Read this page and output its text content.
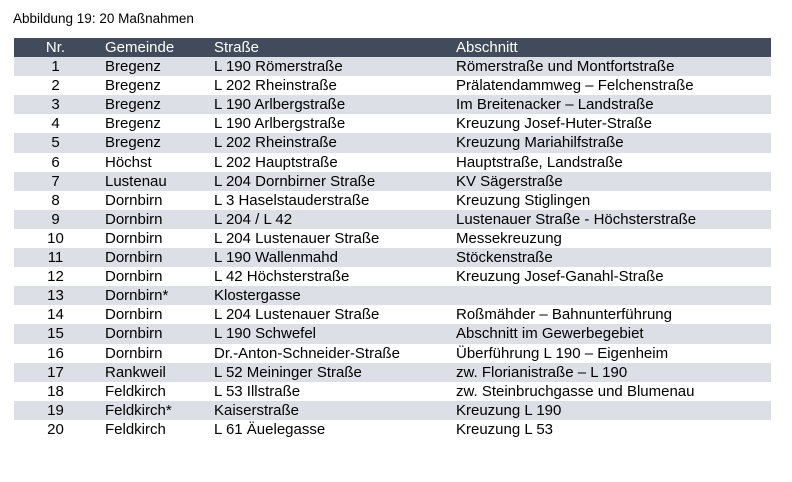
Abbildung 19: 20 Maßnahmen
Nr.	Gemeinde	Straße	Abschnitt
1	Bregenz	L 190 Römerstraße	Römerstraße und Montfortstraße
2	Bregenz	L 202 Rheinstraße	Prälatendammweg – Felchenstraße
3	Bregenz	L 190 Arlbergstraße	Im Breitenacker – Landstraße
4	Bregenz	L 190 Arlbergstraße	Kreuzung Josef-Huter-Straße
5	Bregenz	L 202 Rheinstraße	Kreuzung Mariahilfstraße
6	Höchst	L 202 Hauptstraße	Hauptstraße, Landstraße
7	Lustenau	L 204 Dornbirner Straße	KV Sägerstraße
8	Dornbirn	L 3 Haselstauderstraße	Kreuzung Stiglingen
9	Dornbirn	L 204 / L 42	Lustenauer Straße - Höchsterstraße
10	Dornbirn	L 204 Lustenauer Straße	Messekreuzung
11	Dornbirn	L 190 Wallenmahd	Stöckenstraße
12	Dornbirn	L 42 Höchsterstraße	Kreuzung Josef-Ganahl-Straße
13	Dornbirn*	Klostergasse
14	Dornbirn	L 204 Lustenauer Straße	Roßmähder – Bahnunterführung
15	Dornbirn	L 190 Schwefel	Abschnitt im Gewerbegebiet
16	Dornbirn	Dr.-Anton-Schneider-Straße	Überführung L 190 – Eigenheim
17	Rankweil	L 52 Meininger Straße	zw. Florianistraße – L 190
18	Feldkirch	L 53 Illstraße	zw. Steinbruchgasse und Blumenau
19	Feldkirch*	Kaiserstraße	Kreuzung L 190
20	Feldkirch	L 61 Äuelegasse	Kreuzung L 53
